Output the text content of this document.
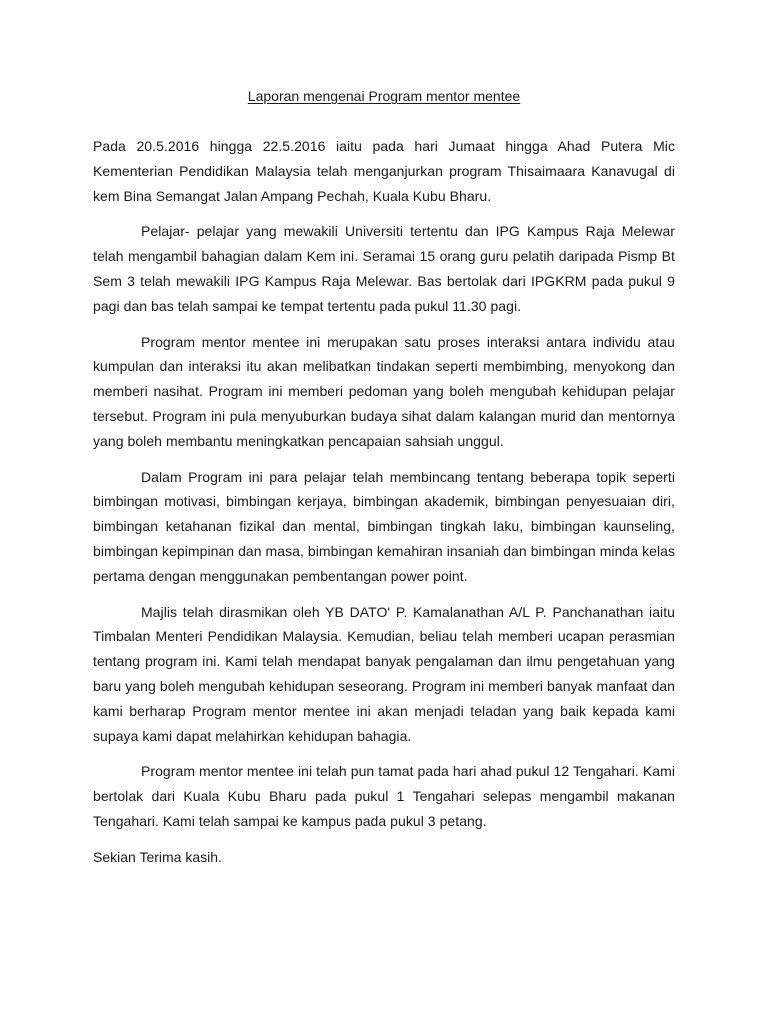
Laporan mengenai Program mentor mentee

Pada 20.5.2016 hingga 22.5.2016 iaitu pada hari Jumaat hingga Ahad Putera Mic Kementerian Pendidikan Malaysia telah menganjurkan program Thisaimaara Kanavugal di kem Bina Semangat Jalan Ampang Pechah, Kuala Kubu Bharu.

Pelajar- pelajar yang mewakili Universiti tertentu dan IPG Kampus Raja Melewar telah mengambil bahagian dalam Kem ini. Seramai 15 orang guru pelatih daripada Pismp Bt Sem 3 telah mewakili IPG Kampus Raja Melewar. Bas bertolak dari IPGKRM pada pukul 9 pagi dan bas telah sampai ke tempat tertentu pada pukul 11.30 pagi.

Program mentor mentee ini merupakan satu proses interaksi antara individu atau kumpulan dan interaksi itu akan melibatkan tindakan seperti membimbing, menyokong dan memberi nasihat. Program ini memberi pedoman yang boleh mengubah kehidupan pelajar tersebut. Program ini pula menyuburkan budaya sihat dalam kalangan murid dan mentornya yang boleh membantu meningkatkan pencapaian sahsiah unggul.

Dalam Program ini para pelajar telah membincang tentang beberapa topik seperti bimbingan motivasi, bimbingan kerjaya, bimbingan akademik, bimbingan penyesuaian diri, bimbingan ketahanan fizikal dan mental, bimbingan tingkah laku, bimbingan kaunseling, bimbingan kepimpinan dan masa, bimbingan kemahiran insaniah dan bimbingan minda kelas pertama dengan menggunakan pembentangan power point.

Majlis telah dirasmikan oleh YB DATO' P. Kamalanathan A/L P. Panchanathan iaitu Timbalan Menteri Pendidikan Malaysia. Kemudian, beliau telah memberi ucapan perasmian tentang program ini. Kami telah mendapat banyak pengalaman dan ilmu pengetahuan yang baru yang boleh mengubah kehidupan seseorang. Program ini memberi banyak manfaat dan kami berharap Program mentor mentee ini akan menjadi teladan yang baik kepada kami supaya kami dapat melahirkan kehidupan bahagia.

Program mentor mentee ini telah pun tamat pada hari ahad pukul 12 Tengahari. Kami bertolak dari Kuala Kubu Bharu pada pukul 1 Tengahari selepas mengambil makanan Tengahari. Kami telah sampai ke kampus pada pukul 3 petang.

Sekian Terima kasih.
